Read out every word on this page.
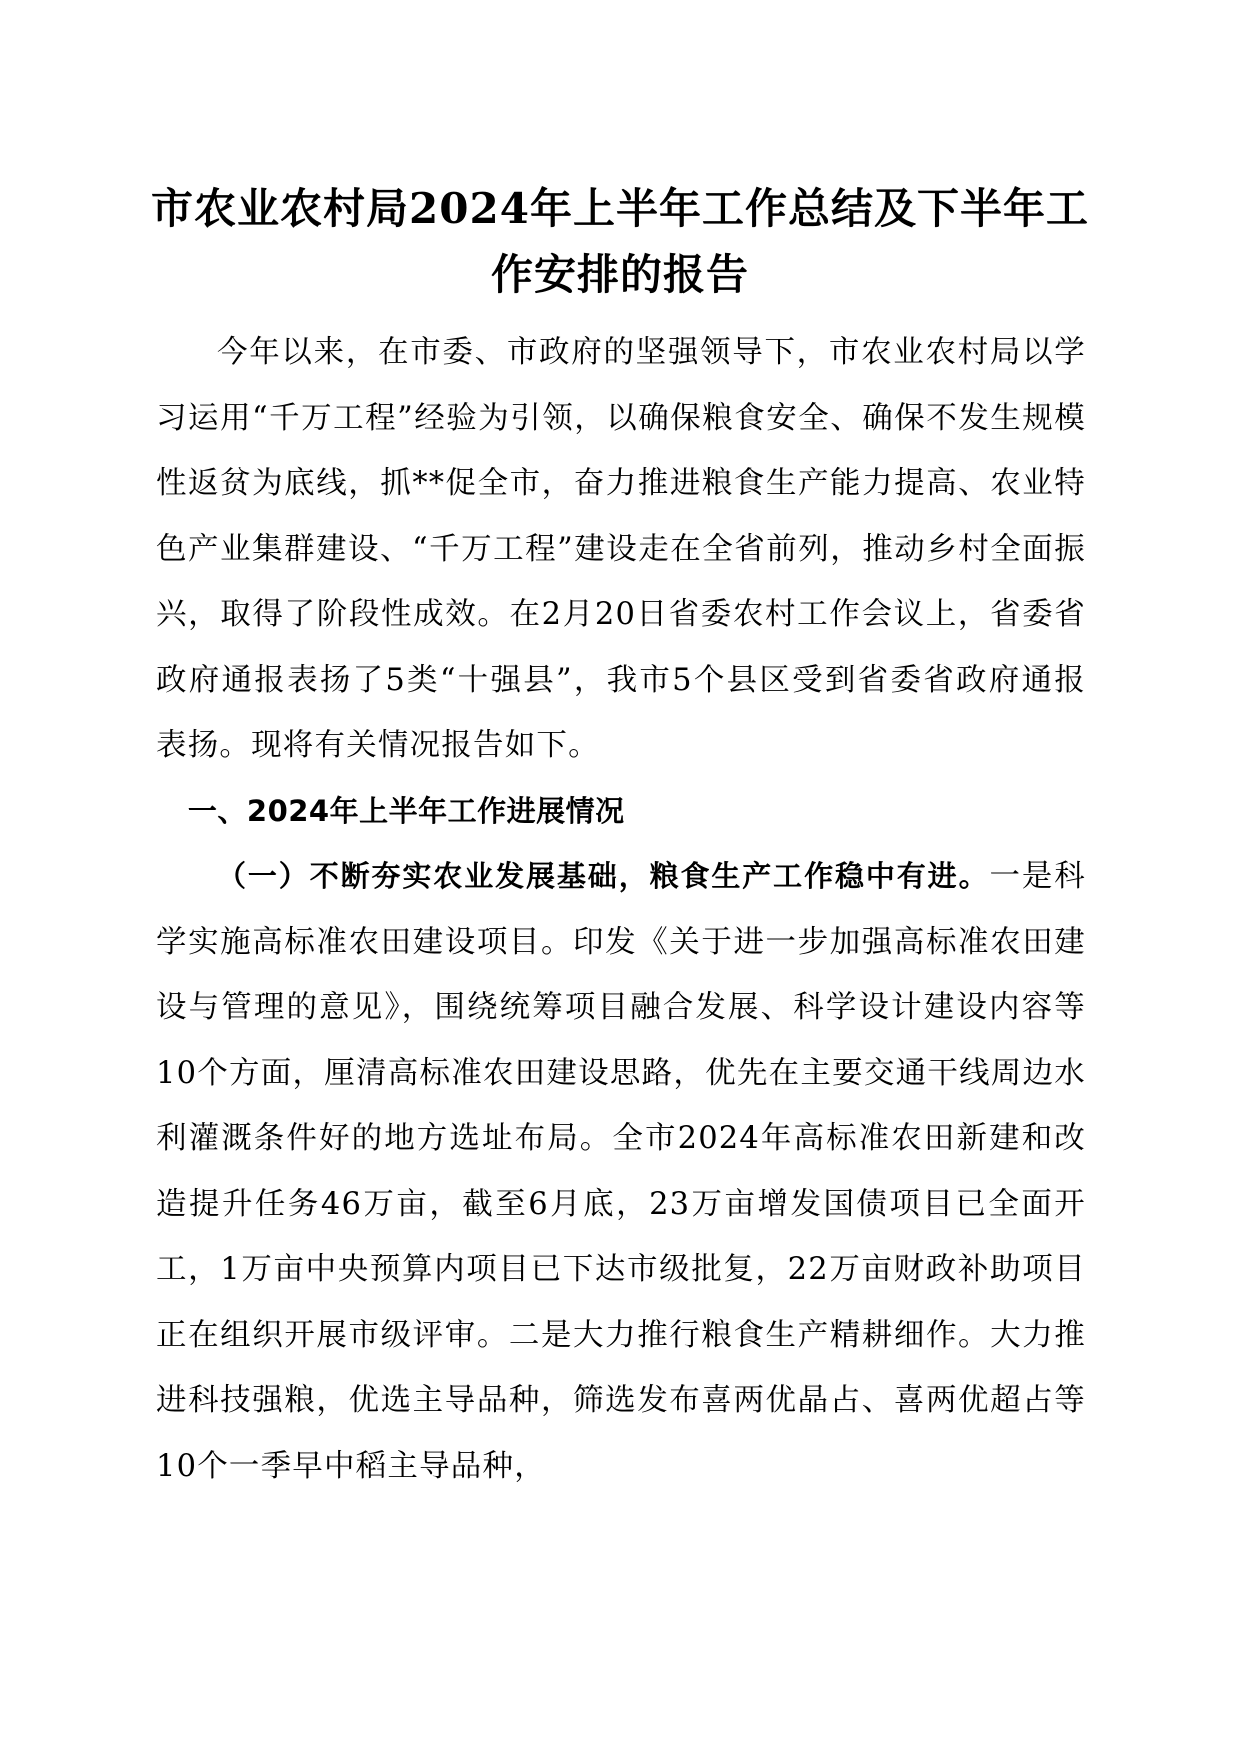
市农业农村局2024年上半年工作总结及下半年工作安排的报告

今年以来，在市委、市政府的坚强领导下，市农业农村局以学习运用“千万工程”经验为引领，以确保粮食安全、确保不发生规模性返贫为底线，抓**促全市，奋力推进粮食生产能力提高、农业特色产业集群建设、“千万工程”建设走在全省前列，推动乡村全面振兴，取得了阶段性成效。在2月20日省委农村工作会议上，省委省政府通报表扬了5类“十强县”，我市5个县区受到省委省政府通报表扬。现将有关情况报告如下。

一、2024年上半年工作进展情况

（一）不断夯实农业发展基础，粮食生产工作稳中有进。一是科学实施高标准农田建设项目。印发《关于进一步加强高标准农田建设与管理的意见》，围绕统筹项目融合发展、科学设计建设内容等10个方面，厘清高标准农田建设思路，优先在主要交通干线周边水利灌溉条件好的地方选址布局。全市2024年高标准农田新建和改造提升任务46万亩，截至6月底，23万亩增发国债项目已全面开工，1万亩中央预算内项目已下达市级批复，22万亩财政补助项目正在组织开展市级评审。二是大力推行粮食生产精耕细作。大力推进科技强粮，优选主导品种，筛选发布喜两优晶占、喜两优超占等10个一季早中稻主导品种，
